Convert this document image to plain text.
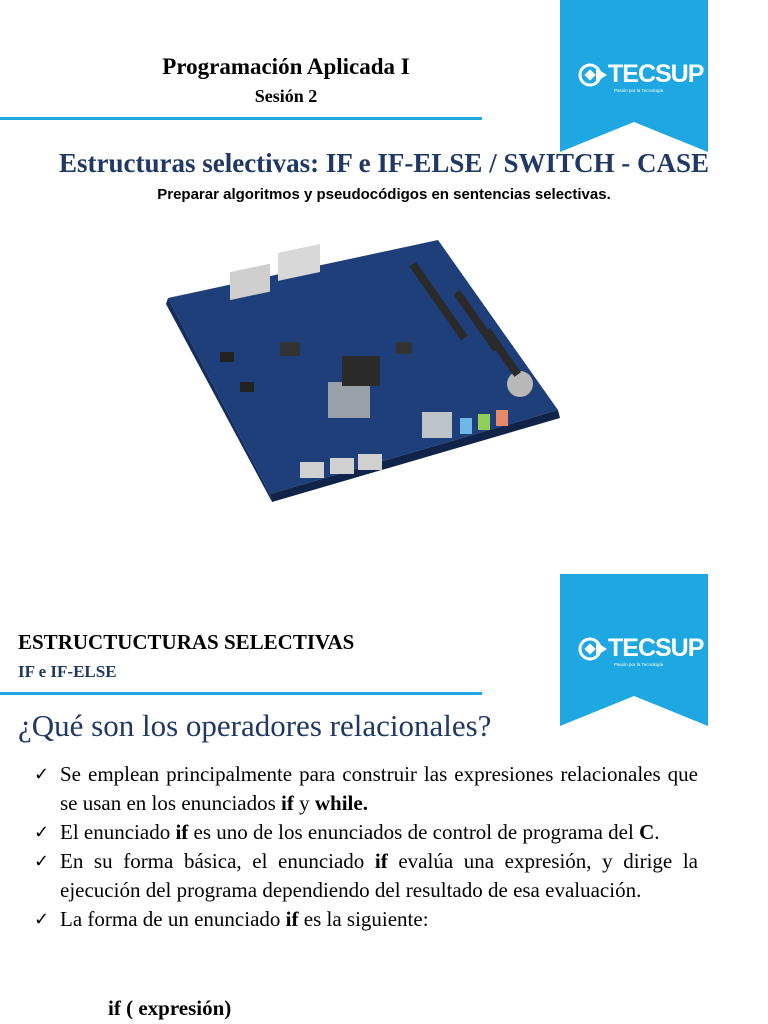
TECSUP
Pasión por la Tecnología
Programación Aplicada I
Sesión 2
Estructuras selectivas: IF e IF-ELSE / SWITCH - CASE
Preparar algoritmos y pseudocódigos en sentencias selectivas.
TECSUP
Pasión por la Tecnología
ESTRUCTUCTURAS SELECTIVAS
IF e IF-ELSE
¿Qué son los operadores relacionales?
✓ Se emplean principalmente para construir las expresiones relacionales que se usan en los enunciados if y while.
✓ El enunciado if es uno de los enunciados de control de programa del C.
✓ En su forma básica, el enunciado if evalúa una expresión, y dirige la ejecución del programa dependiendo del resultado de esa evaluación.
✓ La forma de un enunciado if es la siguiente:
if ( expresión)
